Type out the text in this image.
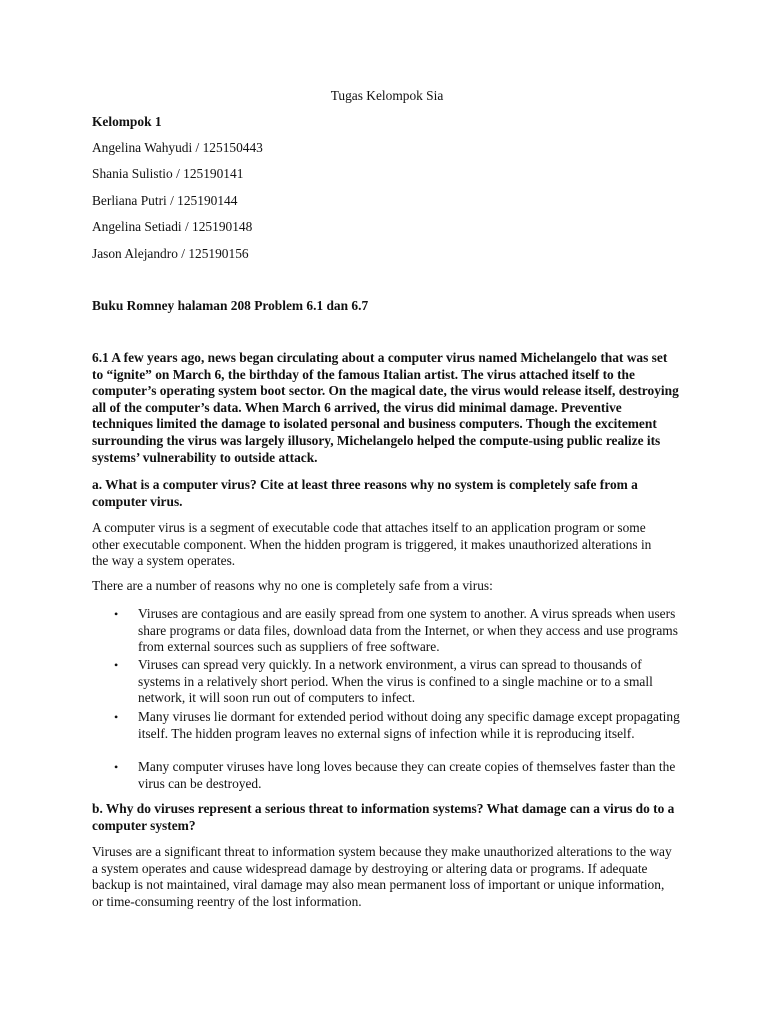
Tugas Kelompok Sia
Kelompok 1
Angelina Wahyudi / 125150443
Shania Sulistio / 125190141
Berliana Putri / 125190144
Angelina Setiadi / 125190148
Jason Alejandro / 125190156
Buku Romney halaman 208 Problem 6.1 dan 6.7

6.1 A few years ago, news began circulating about a computer virus named Michelangelo that was set to “ignite” on March 6, the birthday of the famous Italian artist. The virus attached itself to the computer’s operating system boot sector. On the magical date, the virus would release itself, destroying all of the computer’s data. When March 6 arrived, the virus did minimal damage. Preventive techniques limited the damage to isolated personal and business computers. Though the excitement surrounding the virus was largely illusory, Michelangelo helped the compute-using public realize its systems’ vulnerability to outside attack.

a. What is a computer virus? Cite at least three reasons why no system is completely safe from a computer virus.

A computer virus is a segment of executable code that attaches itself to an application program or some other executable component. When the hidden program is triggered, it makes unauthorized alterations in the way a system operates.

There are a number of reasons why no one is completely safe from a virus:

• Viruses are contagious and are easily spread from one system to another. A virus spreads when users share programs or data files, download data from the Internet, or when they access and use programs from external sources such as suppliers of free software.

• Viruses can spread very quickly. In a network environment, a virus can spread to thousands of systems in a relatively short period. When the virus is confined to a single machine or to a small network, it will soon run out of computers to infect.

• Many viruses lie dormant for extended period without doing any specific damage except propagating itself. The hidden program leaves no external signs of infection while it is reproducing itself.

• Many computer viruses have long loves because they can create copies of themselves faster than the virus can be destroyed.

b. Why do viruses represent a serious threat to information systems? What damage can a virus do to a computer system?

Viruses are a significant threat to information system because they make unauthorized alterations to the way a system operates and cause widespread damage by destroying or altering data or programs. If adequate backup is not maintained, viral damage may also mean permanent loss of important or unique information, or time-consuming reentry of the lost information.
